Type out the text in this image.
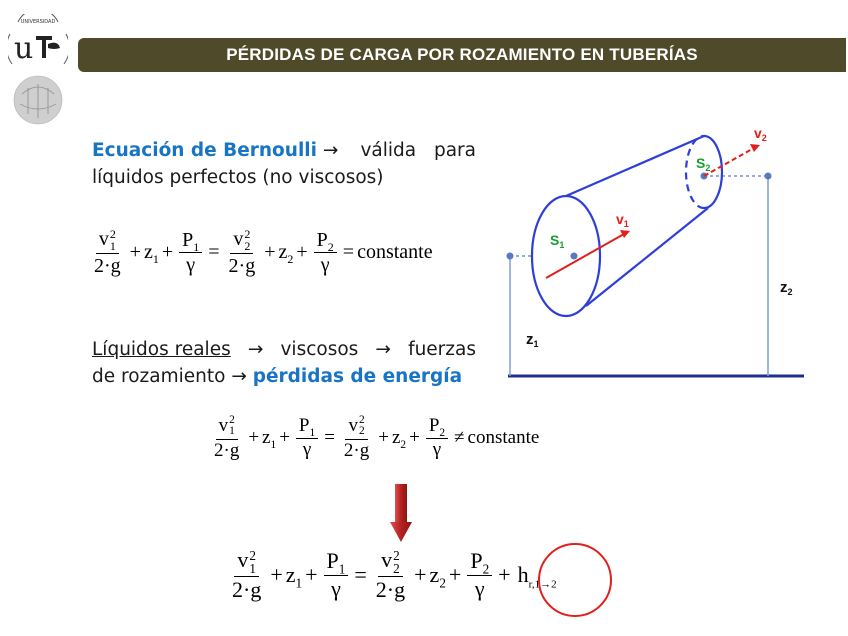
UNIVERSIDAD
u	PÉRDIDAS DE CARGA POR ROZAMIENTO EN TUBERÍAS
Ecuación de Bernoulli → válida para
líquidos perfectos (no viscosos)
v 2
1
$2\cdot g + z_1 + \frac{P_1}{\gamma} = v$ 2
2
$2\cdot g + z_2 + \frac{P_2}{\gamma}$ = constante
Líquidos reales → viscosos → fuerzas
de rozamiento → pérdidas de energía
v 2
1
$2\cdot g + z_1 + \frac{P_1}{\gamma} = v$ 2
2
$2\cdot g + z_2 + \frac{P_2}{\gamma}$ ≠ constante
v 2
1
$2\cdot g + z_1 + \frac{P_1}{\gamma} = v$ 2
2
$2\cdot g + z_2 + \frac{P_2}{\gamma} + h_{r,1\to 2}$
$S_1$
$S_2$
$v_1$
$v_2$
$z_1$
$z_2$
